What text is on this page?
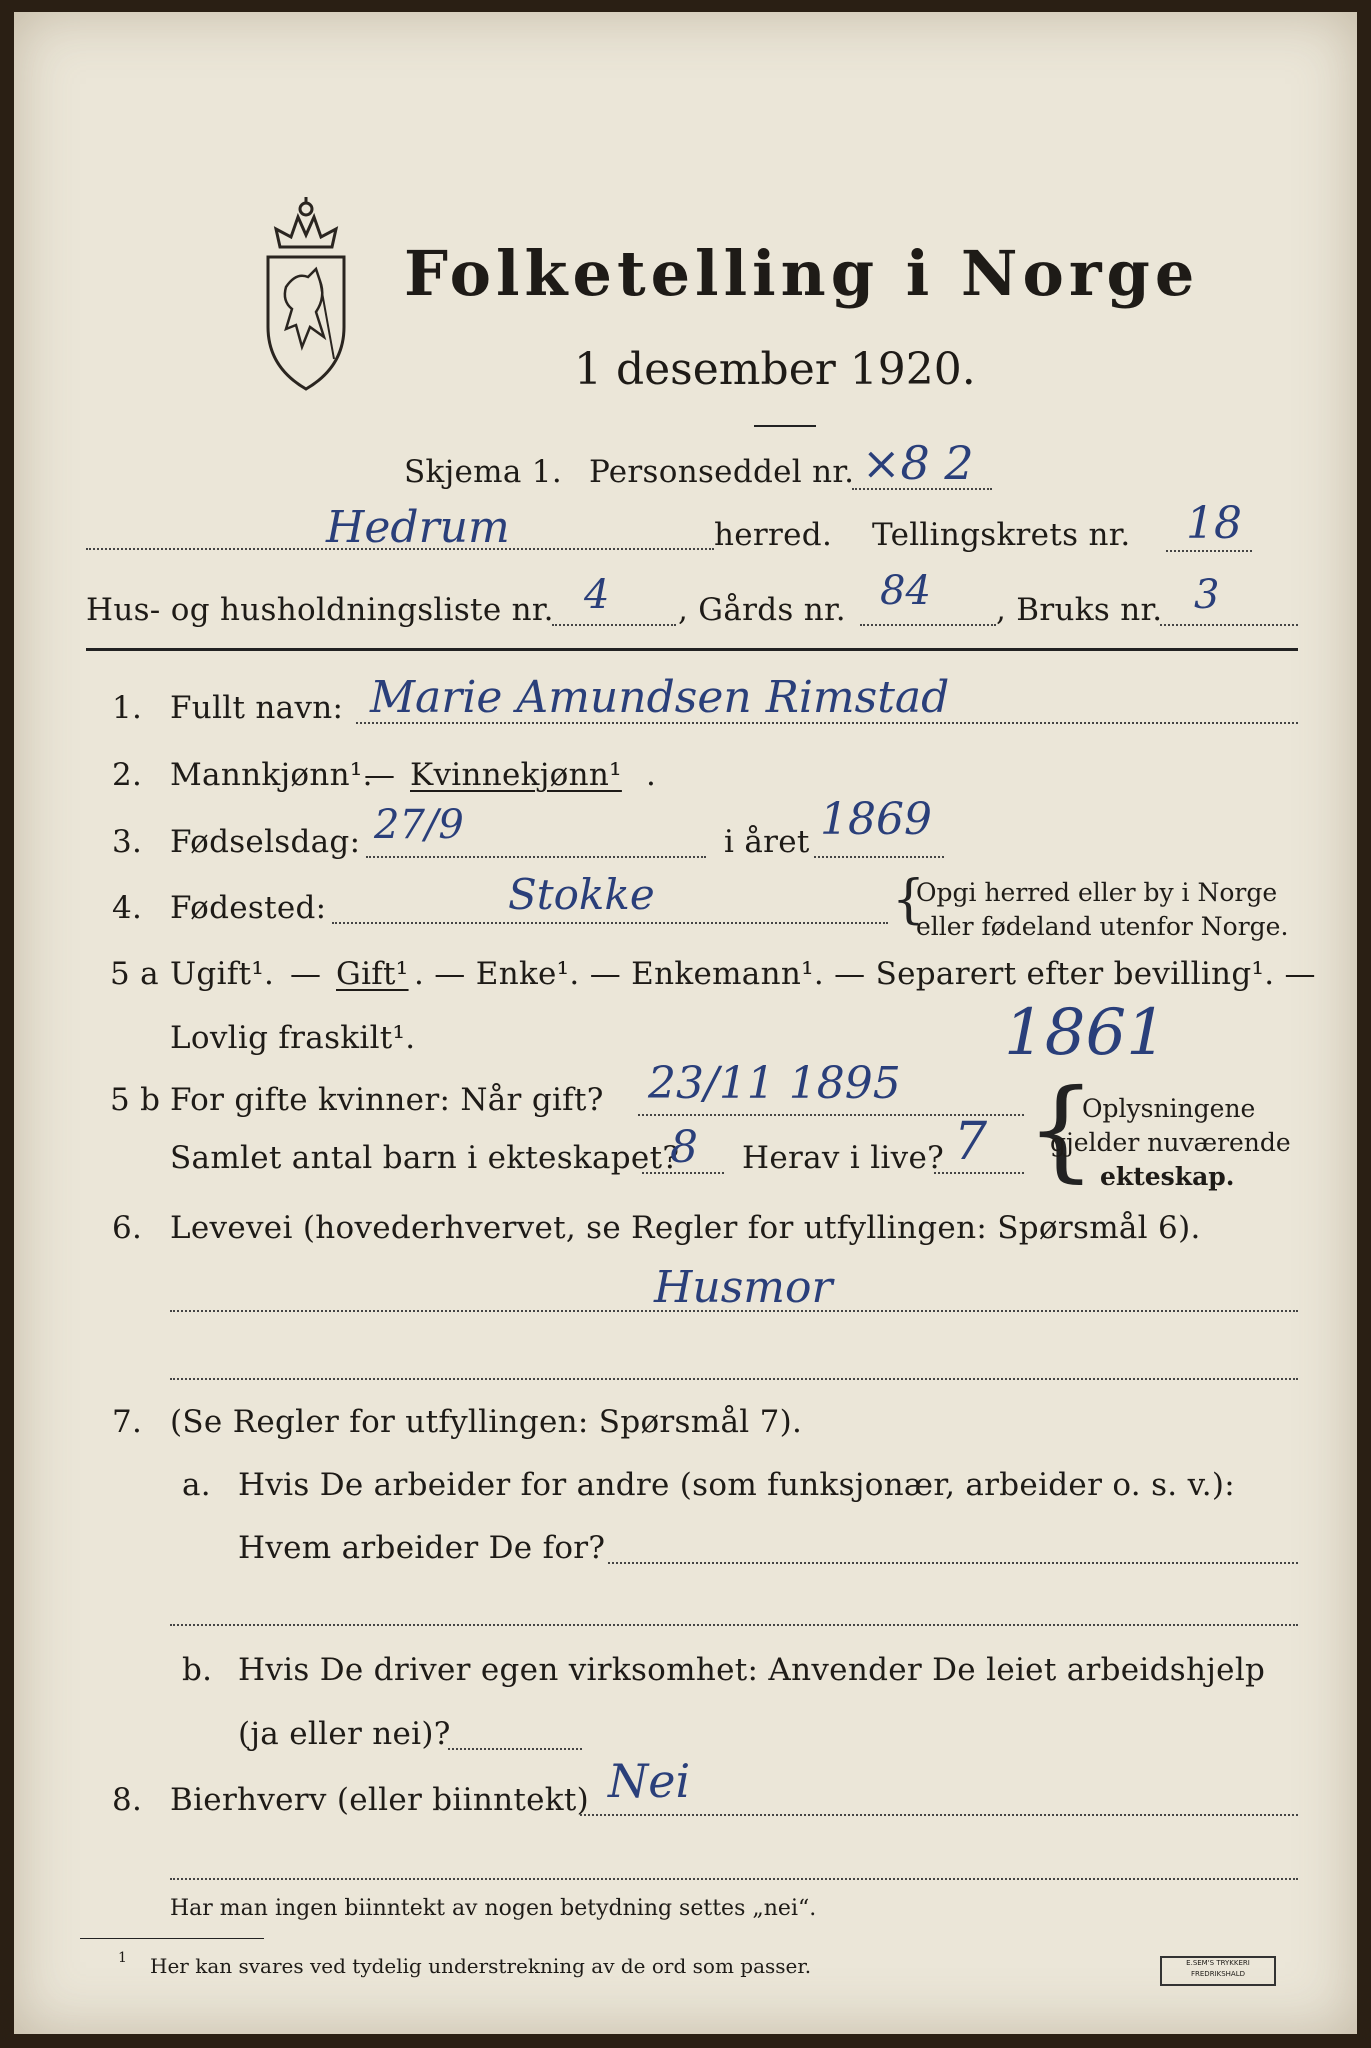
Folketelling i Norge
1 desember 1920.
Skjema 1. Personseddel nr. ×8 2
Hedrum	herred. Tellingskrets nr. 18
Hus- og husholdningsliste nr. 4 , Gårds nr. 84 , Bruks nr. 3
1. Fullt navn: Marie Amundsen Rimstad
2. Mannkjønn¹.
— Kvinnekjønn¹ .
3. Fødselsdag: 27/9	i året 1869
4. Fødested:	Stokke	{
Opgi herred eller by i Norge
eller fødeland utenfor Norge.
5 a Ugift¹. — Gift¹ . — Enke¹. — Enkemann¹. — Separert efter bevilling¹. —
Lovlig fraskilt¹.	1861
5 b For gifte kvinner: Når gift? 23/11 1895
Samlet antal barn i ekteskapet?
8 Herav i live? 7 {
Oplysningene
gjelder nuværende
ekteskap.
6. Levevei (hovederhvervet, se Regler for utfyllingen: Spørsmål 6).
Husmor
7. (Se Regler for utfyllingen: Spørsmål 7).
a. Hvis De arbeider for andre (som funksjonær, arbeider o. s. v.):
Hvem arbeider De for?
b. Hvis De driver egen virksomhet: Anvender De leiet arbeidshjelp
(ja eller nei)?
8. Bierhverv (eller biinntekt) Nei
Har man ingen biinntekt av nogen betydning settes „nei“.
1 Her kan svares ved tydelig understrekning av de ord som passer.	E.SEM'S TRYKKERI
FREDRIKSHALD
